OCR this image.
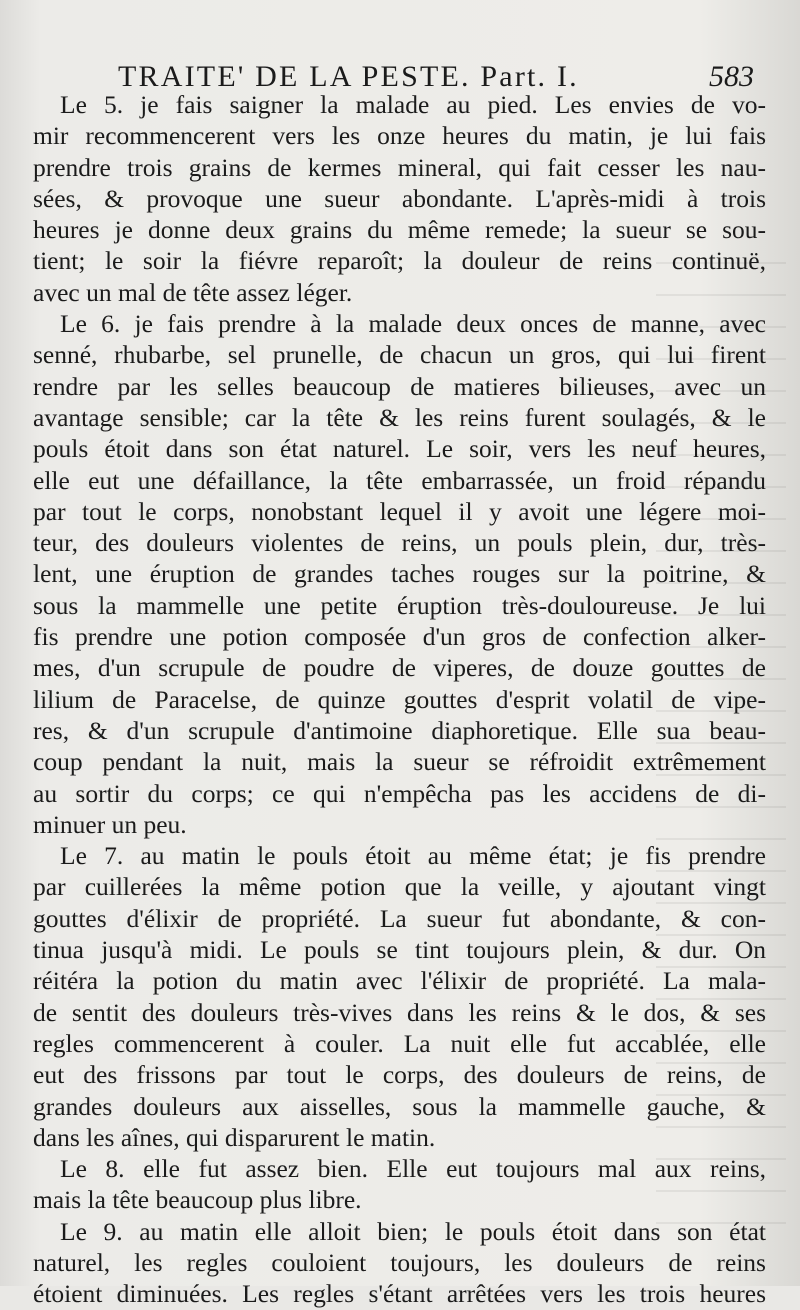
TRAITE' DE LA PESTE. Part. I.	583
Le 5. je fais saigner la malade au pied. Les envies de vo-
mir recommencerent vers les onze heures du matin, je lui fais
prendre trois grains de kermes mineral, qui fait cesser les nau-
sées, & provoque une sueur abondante. L'après-midi à trois
heures je donne deux grains du même remede; la sueur se sou-
tient; le soir la fiévre reparoît; la douleur de reins continuë,
avec un mal de tête assez léger.
Le 6. je fais prendre à la malade deux onces de manne, avec
senné, rhubarbe, sel prunelle, de chacun un gros, qui lui firent
rendre par les selles beaucoup de matieres bilieuses, avec un
avantage sensible; car la tête & les reins furent soulagés, & le
pouls étoit dans son état naturel. Le soir, vers les neuf heures,
elle eut une défaillance, la tête embarrassée, un froid répandu
par tout le corps, nonobstant lequel il y avoit une légere moi-
teur, des douleurs violentes de reins, un pouls plein, dur, très-
lent, une éruption de grandes taches rouges sur la poitrine, &
sous la mammelle une petite éruption très-douloureuse. Je lui
fis prendre une potion composée d'un gros de confection alker-
mes, d'un scrupule de poudre de viperes, de douze gouttes de
lilium de Paracelse, de quinze gouttes d'esprit volatil de vipe-
res, & d'un scrupule d'antimoine diaphoretique. Elle sua beau-
coup pendant la nuit, mais la sueur se réfroidit extrêmement
au sortir du corps; ce qui n'empêcha pas les accidens de di-
minuer un peu.
Le 7. au matin le pouls étoit au même état; je fis prendre
par cuillerées la même potion que la veille, y ajoutant vingt
gouttes d'élixir de propriété. La sueur fut abondante, & con-
tinua jusqu'à midi. Le pouls se tint toujours plein, & dur. On
réitéra la potion du matin avec l'élixir de propriété. La mala-
de sentit des douleurs très-vives dans les reins & le dos, & ses
regles commencerent à couler. La nuit elle fut accablée, elle
eut des frissons par tout le corps, des douleurs de reins, de
grandes douleurs aux aisselles, sous la mammelle gauche, &
dans les aînes, qui disparurent le matin.
Le 8. elle fut assez bien. Elle eut toujours mal aux reins,
mais la tête beaucoup plus libre.
Le 9. au matin elle alloit bien; le pouls étoit dans son état
naturel, les regles couloient toujours, les douleurs de reins
étoient diminuées. Les regles s'étant arrêtées vers les trois heures
